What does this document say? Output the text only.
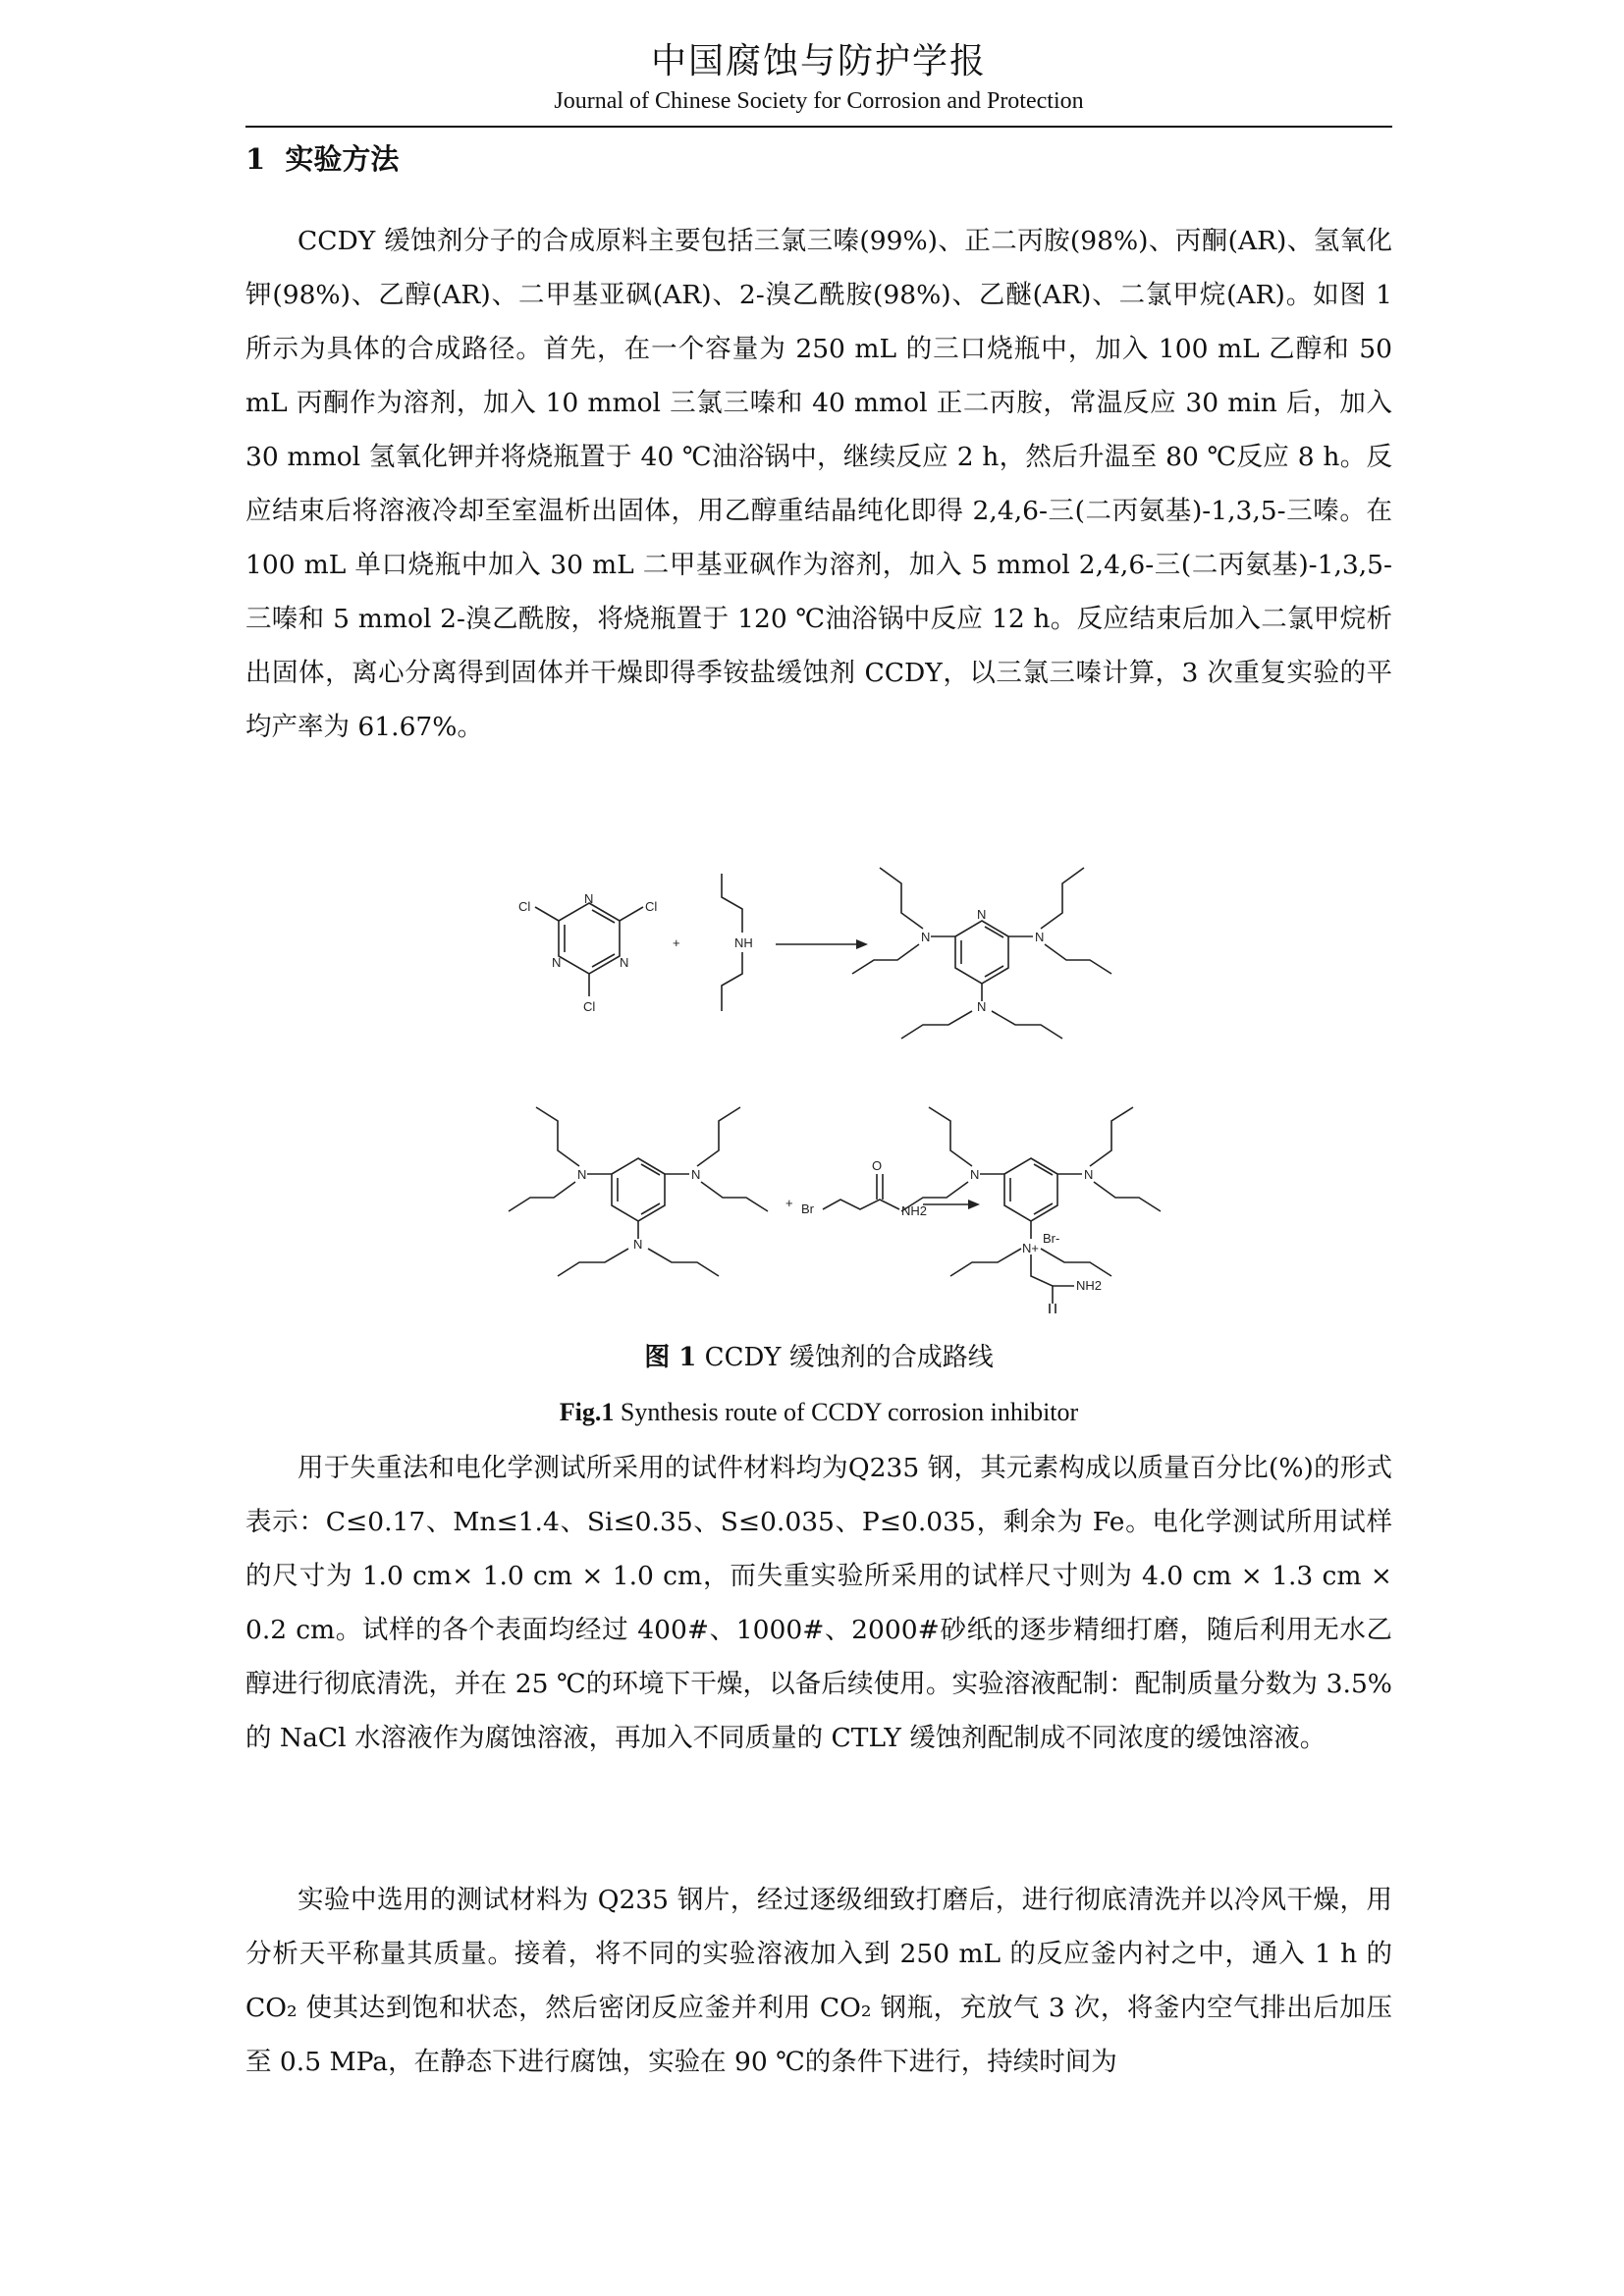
中国腐蚀与防护学报
Journal of Chinese Society for Corrosion and Protection
1 实验方法

CCDY 缓蚀剂分子的合成原料主要包括三氯三嗪(99%)、正二丙胺(98%)、丙酮(AR)、氢氧化钾(98%)、乙醇(AR)、二甲基亚砜(AR)、2-溴乙酰胺(98%)、乙醚(AR)、二氯甲烷(AR)。如图 1 所示为具体的合成路径。首先，在一个容量为 250 mL 的三口烧瓶中，加入 100 mL 乙醇和 50 mL 丙酮作为溶剂，加入 10 mmol 三氯三嗪和 40 mmol 正二丙胺，常温反应 30 min 后，加入 30 mmol 氢氧化钾并将烧瓶置于 40 ℃油浴锅中，继续反应 2 h，然后升温至 80 ℃反应 8 h。反应结束后将溶液冷却至室温析出固体，用乙醇重结晶纯化即得 2,4,6-三(二丙氨基)-1,3,5-三嗪。在 100 mL 单口烧瓶中加入 30 mL 二甲基亚砜作为溶剂，加入 5 mmol 2,4,6-三(二丙氨基)-1,3,5-三嗪和 5 mmol 2-溴乙酰胺，将烧瓶置于 120 ℃油浴锅中反应 12 h。反应结束后加入二氯甲烷析出固体，离心分离得到固体并干燥即得季铵盐缓蚀剂 CCDY，以三氯三嗪计算，3 次重复实验的平均产率为 61.67%。

Cl	Cl
Cl
N
N	N
+	NH	N	N
N
N
N	N
N
+ Br
O
NH2
N	N
N+
Br-
NH2
图 1 CCDY 缓蚀剂的合成路线
Fig.1 Synthesis route of CCDY corrosion inhibitor

用于失重法和电化学测试所采用的试件材料均为Q235 钢，其元素构成以质量百分比(%)的形式表示：C≤0.17、Mn≤1.4、Si≤0.35、S≤0.035、P≤0.035，剩余为 Fe。电化学测试所用试样的尺寸为 1.0 cm× 1.0 cm × 1.0 cm，而失重实验所采用的试样尺寸则为 4.0 cm × 1.3 cm × 0.2 cm。试样的各个表面均经过 400#、1000#、2000#砂纸的逐步精细打磨，随后利用无水乙醇进行彻底清洗，并在 25 ℃的环境下干燥，以备后续使用。实验溶液配制：配制质量分数为 3.5%的 NaCl 水溶液作为腐蚀溶液，再加入不同质量的 CTLY 缓蚀剂配制成不同浓度的缓蚀溶液。

实验中选用的测试材料为 Q235 钢片，经过逐级细致打磨后，进行彻底清洗并以冷风干燥，用分析天平称量其质量。接着，将不同的实验溶液加入到 250 mL 的反应釜内衬之中，通入 1 h 的 CO₂ 使其达到饱和状态，然后密闭反应釜并利用 CO₂ 钢瓶，充放气 3 次，将釜内空气排出后加压至 0.5 MPa，在静态下进行腐蚀，实验在 90 ℃的条件下进行，持续时间为
